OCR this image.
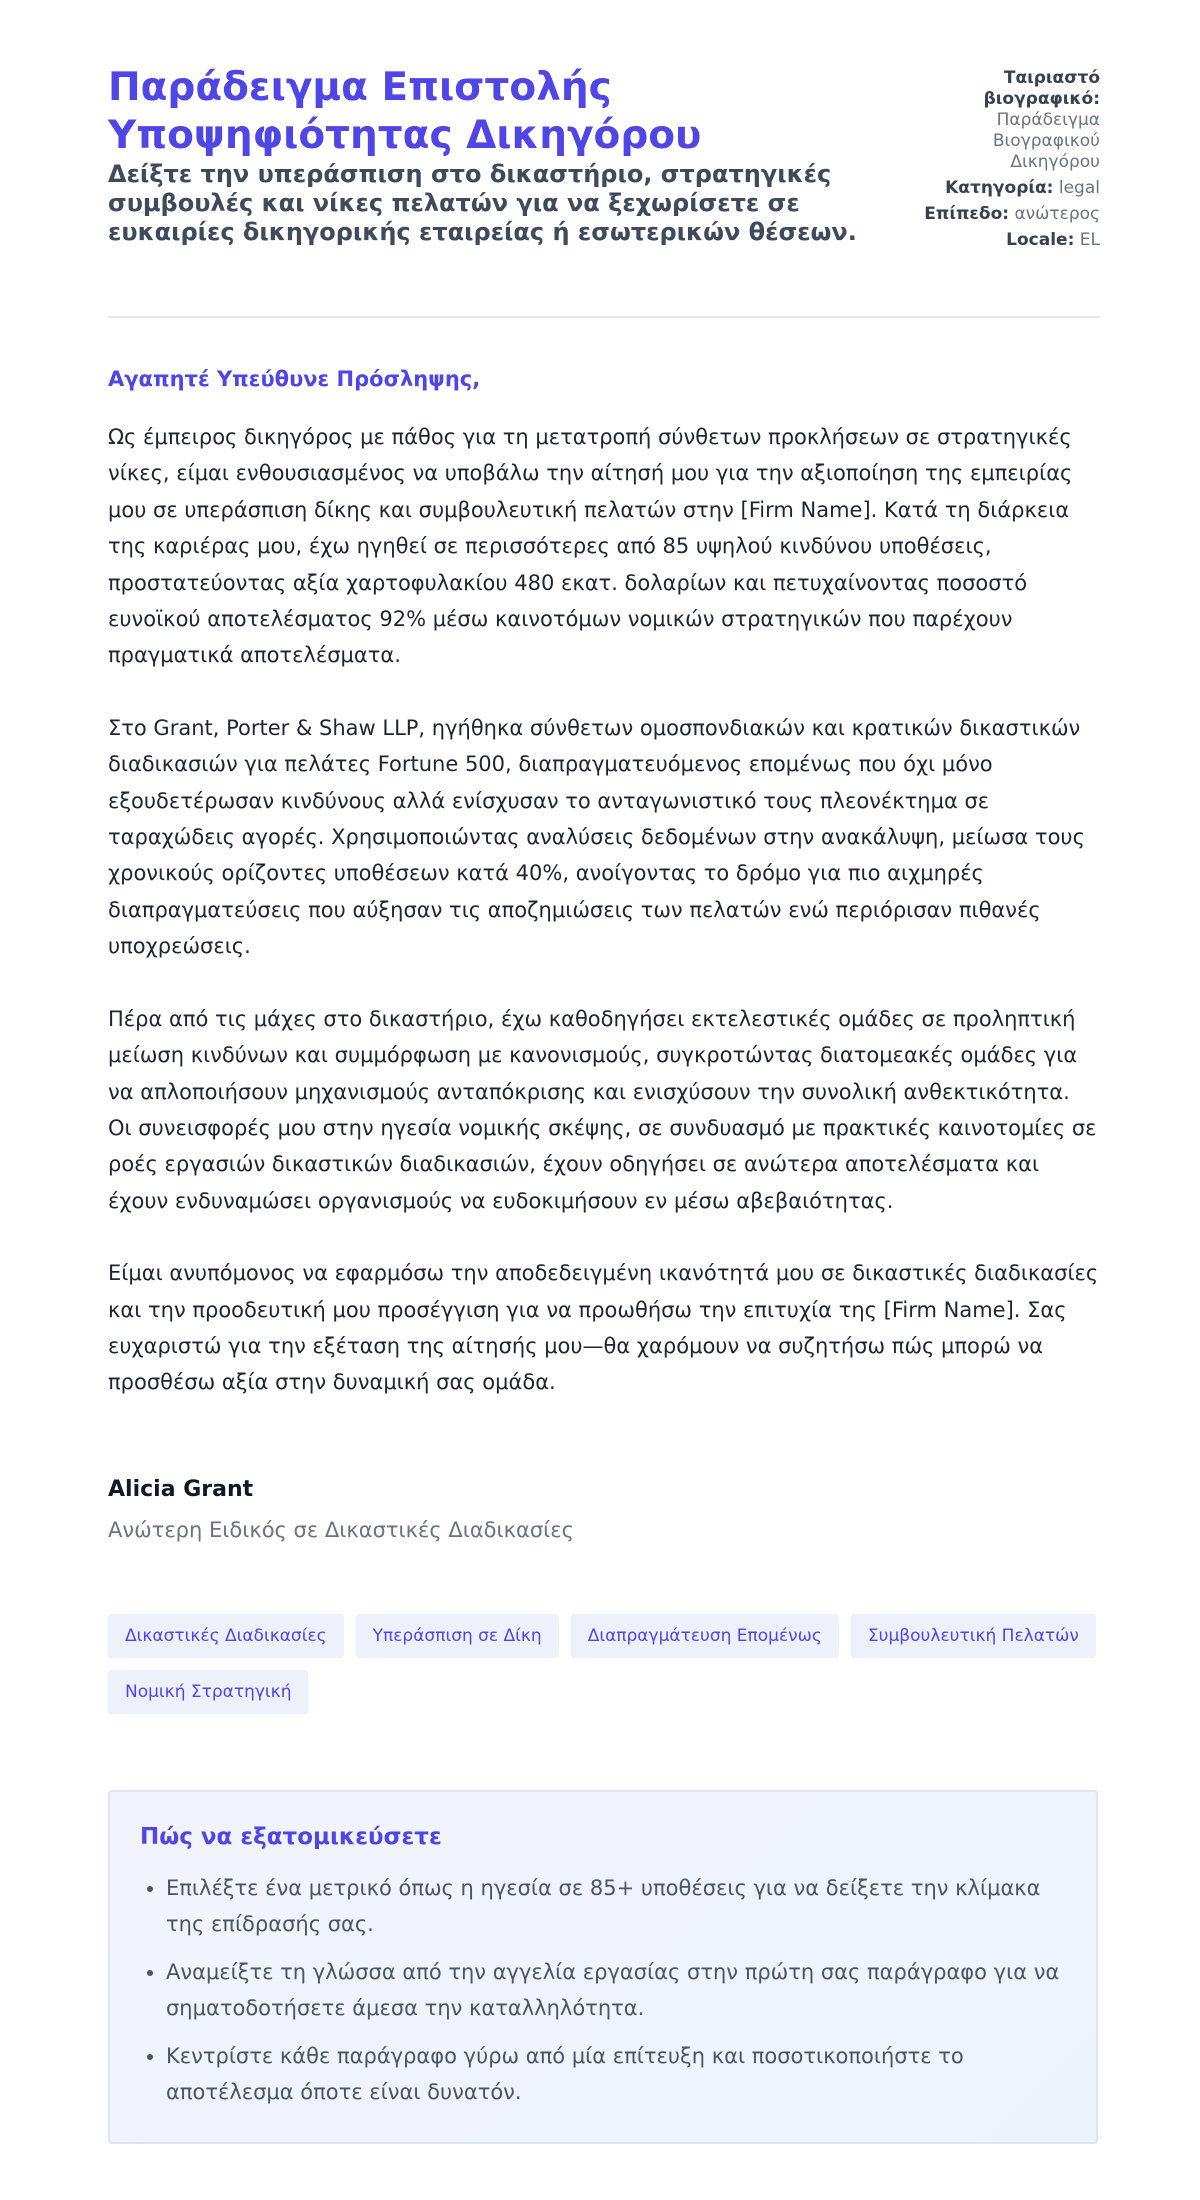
Παράδειγμα Επιστολής Υποψηφιότητας Δικηγόρου
Δείξτε την υπεράσπιση στο δικαστήριο, στρατηγικές συμβουλές και νίκες πελατών για να ξεχωρίσετε σε ευκαιρίες δικηγορικής εταιρείας ή εσωτερικών θέσεων.
Ταιριαστό βιογραφικό: Παράδειγμα Βιογραφικού Δικηγόρου
Κατηγορία: legal
Επίπεδο: ανώτερος
Locale: EL

Αγαπητέ Υπεύθυνε Πρόσληψης,

Ως έμπειρος δικηγόρος με πάθος για τη μετατροπή σύνθετων προκλήσεων σε στρατηγικές νίκες, είμαι ενθουσιασμένος να υποβάλω την αίτησή μου για την αξιοποίηση της εμπειρίας μου σε υπεράσπιση δίκης και συμβουλευτική πελατών στην [Firm Name]. Κατά τη διάρκεια της καριέρας μου, έχω ηγηθεί σε περισσότερες από 85 υψηλού κινδύνου υποθέσεις, προστατεύοντας αξία χαρτοφυλακίου 480 εκατ. δολαρίων και πετυχαίνοντας ποσοστό ευνοϊκού αποτελέσματος 92% μέσω καινοτόμων νομικών στρατηγικών που παρέχουν πραγματικά αποτελέσματα.

Στο Grant, Porter & Shaw LLP, ηγήθηκα σύνθετων ομοσπονδιακών και κρατικών δικαστικών διαδικασιών για πελάτες Fortune 500, διαπραγματευόμενος επομένως που όχι μόνο εξουδετέρωσαν κινδύνους αλλά ενίσχυσαν το ανταγωνιστικό τους πλεονέκτημα σε ταραχώδεις αγορές. Χρησιμοποιώντας αναλύσεις δεδομένων στην ανακάλυψη, μείωσα τους χρονικούς ορίζοντες υποθέσεων κατά 40%, ανοίγοντας το δρόμο για πιο αιχμηρές διαπραγματεύσεις που αύξησαν τις αποζημιώσεις των πελατών ενώ περιόρισαν πιθανές υποχρεώσεις.

Πέρα από τις μάχες στο δικαστήριο, έχω καθοδηγήσει εκτελεστικές ομάδες σε προληπτική μείωση κινδύνων και συμμόρφωση με κανονισμούς, συγκροτώντας διατομεακές ομάδες για να απλοποιήσουν μηχανισμούς ανταπόκρισης και ενισχύσουν την συνολική ανθεκτικότητα. Οι συνεισφορές μου στην ηγεσία νομικής σκέψης, σε συνδυασμό με πρακτικές καινοτομίες σε ροές εργασιών δικαστικών διαδικασιών, έχουν οδηγήσει σε ανώτερα αποτελέσματα και έχουν ενδυναμώσει οργανισμούς να ευδοκιμήσουν εν μέσω αβεβαιότητας.

Είμαι ανυπόμονος να εφαρμόσω την αποδεδειγμένη ικανότητά μου σε δικαστικές διαδικασίες και την προοδευτική μου προσέγγιση για να προωθήσω την επιτυχία της [Firm Name]. Σας ευχαριστώ για την εξέταση της αίτησής μου—θα χαρόμουν να συζητήσω πώς μπορώ να προσθέσω αξία στην δυναμική σας ομάδα.

Alicia Grant

Ανώτερη Ειδικός σε Δικαστικές Διαδικασίες

Δικαστικές Διαδικασίες	Υπεράσπιση σε Δίκη	Διαπραγμάτευση Επομένως	Συμβουλευτική Πελατών
Νομική Στρατηγική
Πώς να εξατομικεύσετε
• Επιλέξτε ένα μετρικό όπως η ηγεσία σε 85+ υποθέσεις για να δείξετε την κλίμακα της επίδρασής σας.
• Αναμείξτε τη γλώσσα από την αγγελία εργασίας στην πρώτη σας παράγραφο για να σηματοδοτήσετε άμεσα την καταλληλότητα.
• Κεντρίστε κάθε παράγραφο γύρω από μία επίτευξη και ποσοτικοποιήστε το αποτέλεσμα όποτε είναι δυνατόν.
